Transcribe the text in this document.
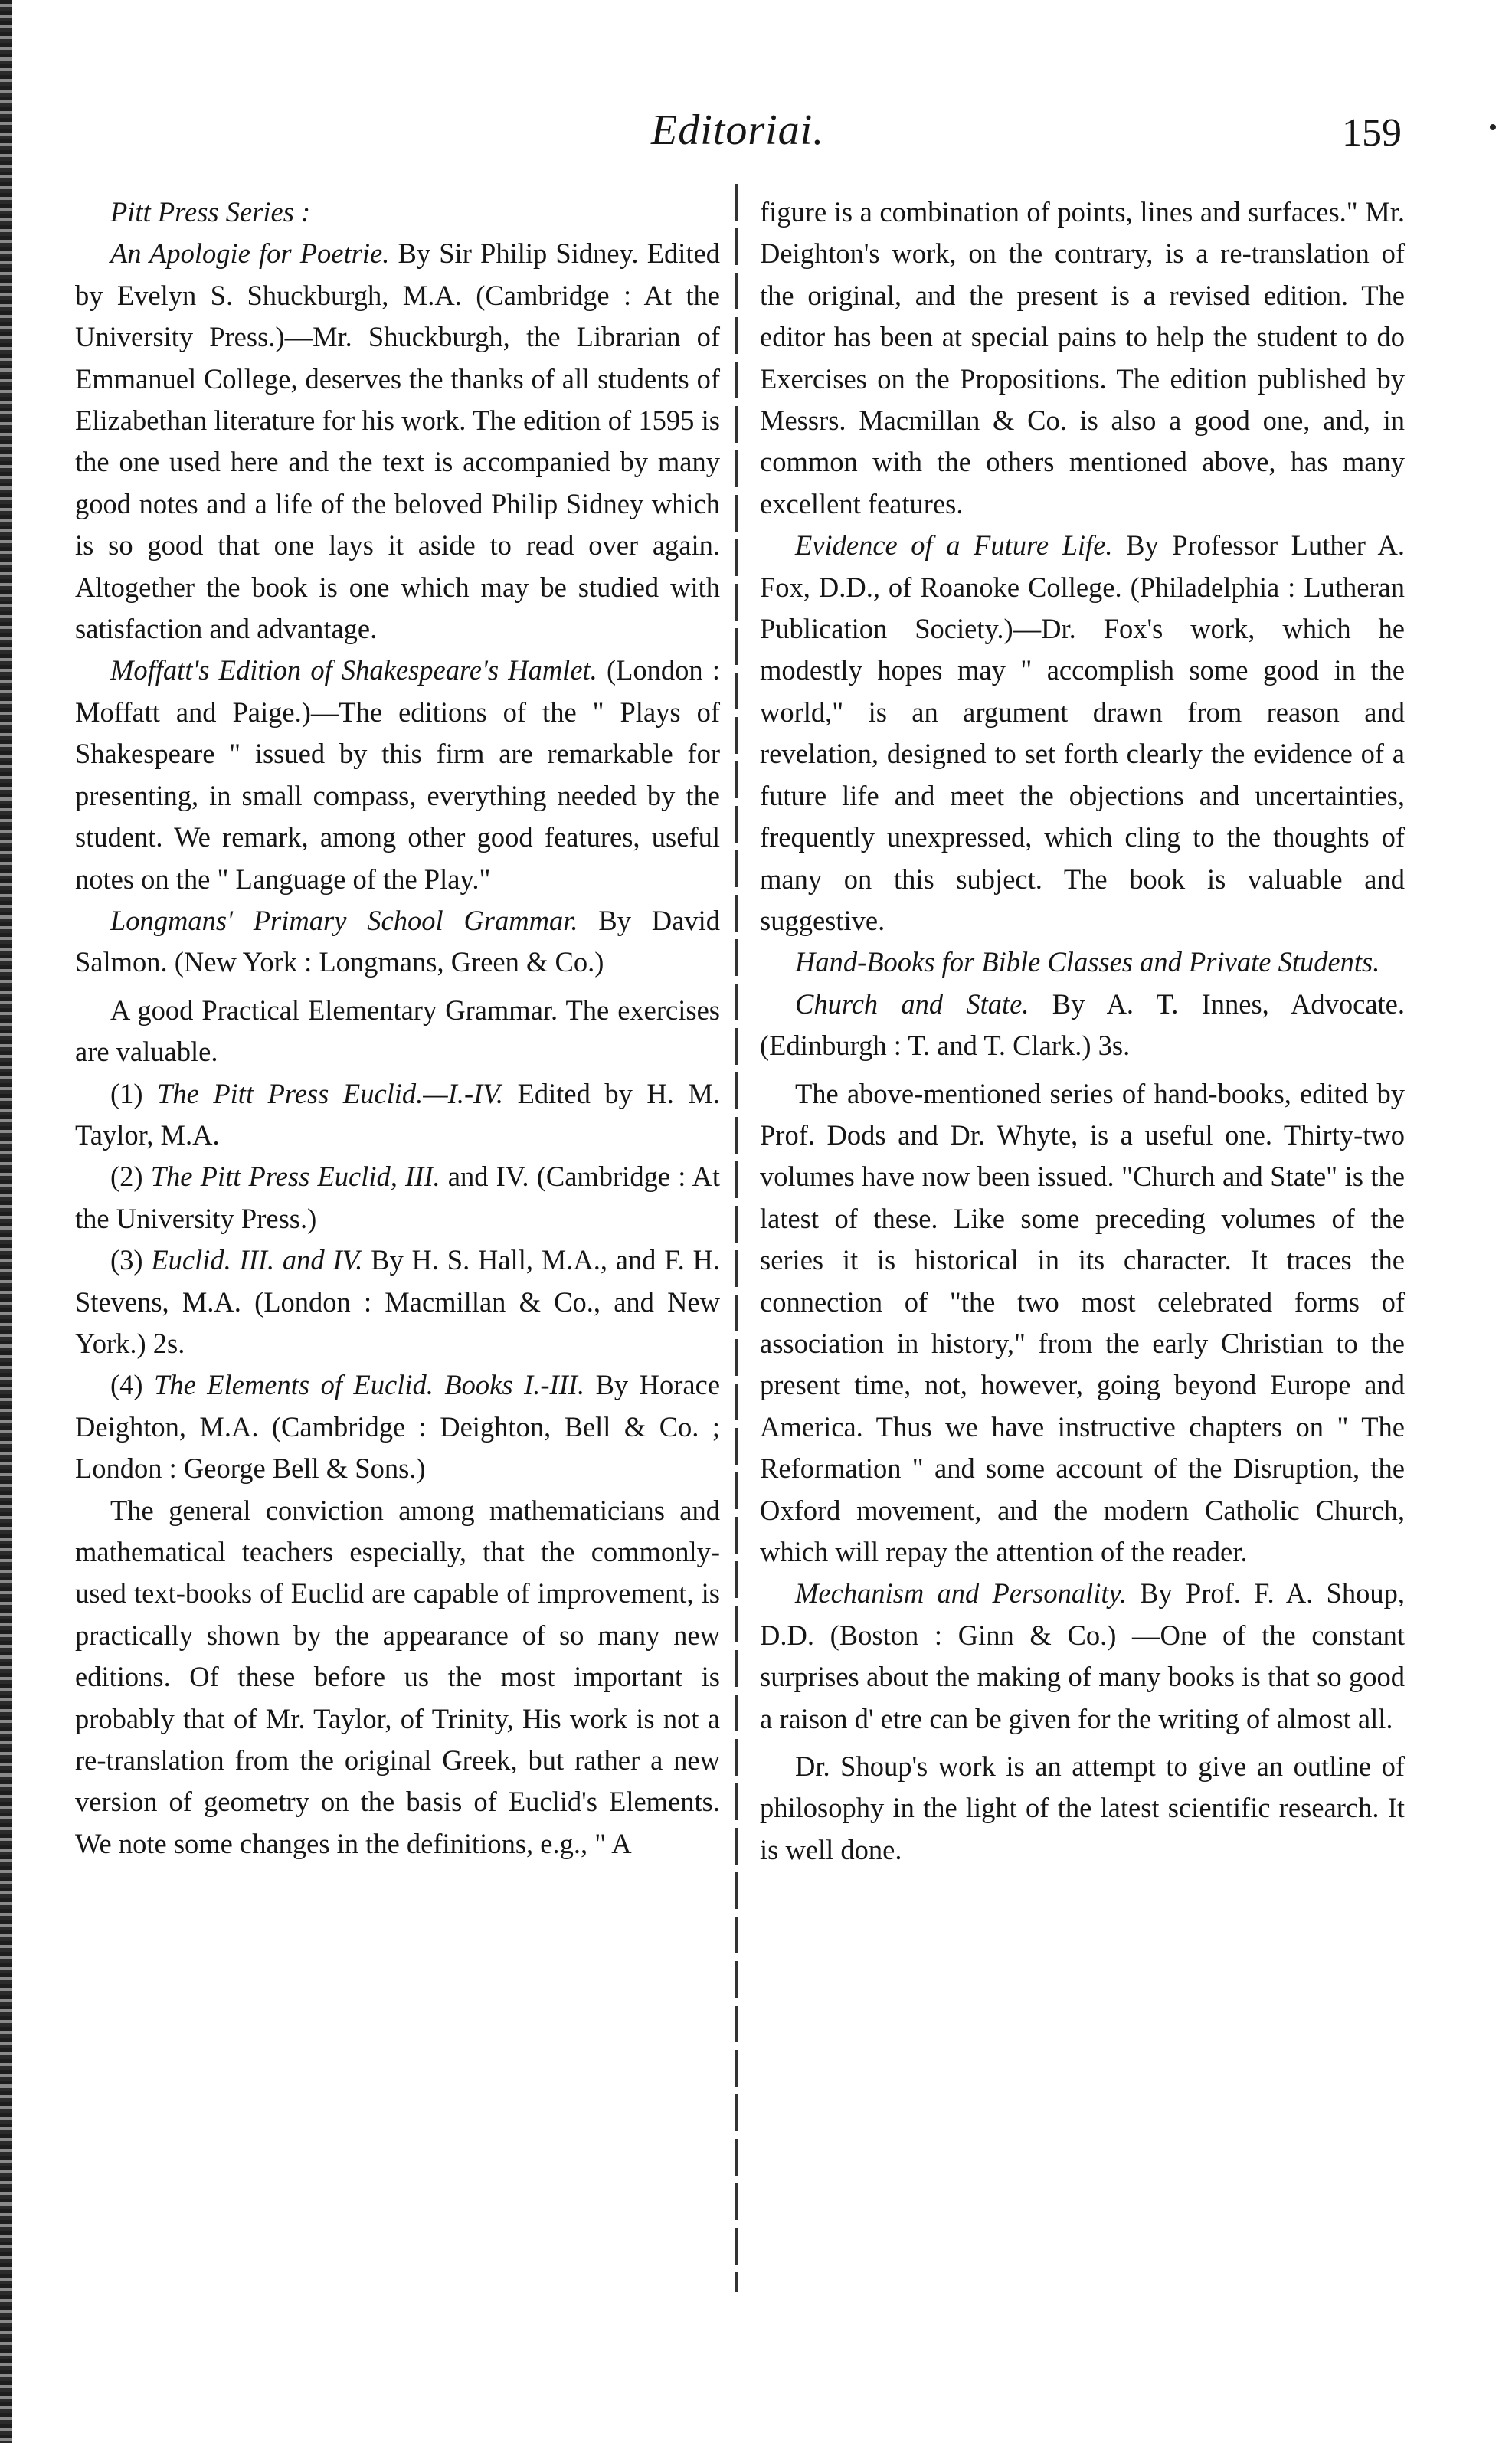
Editoriai.	159

Pitt Press Series :

An Apologie for Poetrie. By Sir Philip Sidney. Edited by Evelyn S. Shuckburgh, M.A. (Cambridge : At the University Press.)—Mr. Shuckburgh, the Librarian of Emmanuel College, deserves the thanks of all students of Elizabethan literature for his work. The edition of 1595 is the one used here and the text is accompanied by many good notes and a life of the beloved Philip Sidney which is so good that one lays it aside to read over again. Altogether the book is one which may be studied with satisfaction and advantage.

Moffatt's Edition of Shakespeare's Hamlet. (London : Moffatt and Paige.)—The editions of the " Plays of Shakespeare " issued by this firm are remarkable for presenting, in small compass, everything needed by the student. We remark, among other good features, useful notes on the " Language of the Play."

Longmans' Primary School Grammar. By David Salmon. (New York : Longmans, Green & Co.)

A good Practical Elementary Grammar. The exercises are valuable.

(1) The Pitt Press Euclid.—I.-IV. Edited by H. M. Taylor, M.A.

(2) The Pitt Press Euclid, III. and IV. (Cambridge : At the University Press.)

(3) Euclid. III. and IV. By H. S. Hall, M.A., and F. H. Stevens, M.A. (London : Macmillan & Co., and New York.) 2s.

(4) The Elements of Euclid. Books I.-III. By Horace Deighton, M.A. (Cambridge : Deighton, Bell & Co. ; London : George Bell & Sons.)

The general conviction among mathematicians and mathematical teachers especially, that the commonly-used text-books of Euclid are capable of improvement, is practically shown by the appearance of so many new editions. Of these before us the most important is probably that of Mr. Taylor, of Trinity, His work is not a re-translation from the original Greek, but rather a new version of geometry on the basis of Euclid's Elements. We note some changes in the definitions, e.g., " A

figure is a combination of points, lines and surfaces." Mr. Deighton's work, on the contrary, is a re-translation of the original, and the present is a revised edition. The editor has been at special pains to help the student to do Exercises on the Propositions. The edition published by Messrs. Macmillan & Co. is also a good one, and, in common with the others mentioned above, has many excellent features.

Evidence of a Future Life. By Professor Luther A. Fox, D.D., of Roanoke College. (Philadelphia : Lutheran Publication Society.)—Dr. Fox's work, which he modestly hopes may " accomplish some good in the world," is an argument drawn from reason and revelation, designed to set forth clearly the evidence of a future life and meet the objections and uncertainties, frequently unexpressed, which cling to the thoughts of many on this subject. The book is valuable and suggestive.

Hand-Books for Bible Classes and Private Students.

Church and State. By A. T. Innes, Advocate. (Edinburgh : T. and T. Clark.) 3s.

The above-mentioned series of hand-books, edited by Prof. Dods and Dr. Whyte, is a useful one. Thirty-two volumes have now been issued. "Church and State" is the latest of these. Like some preceding volumes of the series it is historical in its character. It traces the connection of "the two most celebrated forms of association in history," from the early Christian to the present time, not, however, going beyond Europe and America. Thus we have instructive chapters on " The Reformation " and some account of the Disruption, the Oxford movement, and the modern Catholic Church, which will repay the attention of the reader.

Mechanism and Personality. By Prof. F. A. Shoup, D.D. (Boston : Ginn & Co.) —One of the constant surprises about the making of many books is that so good a raison d' etre can be given for the writing of almost all.

Dr. Shoup's work is an attempt to give an outline of philosophy in the light of the latest scientific research. It is well done.
